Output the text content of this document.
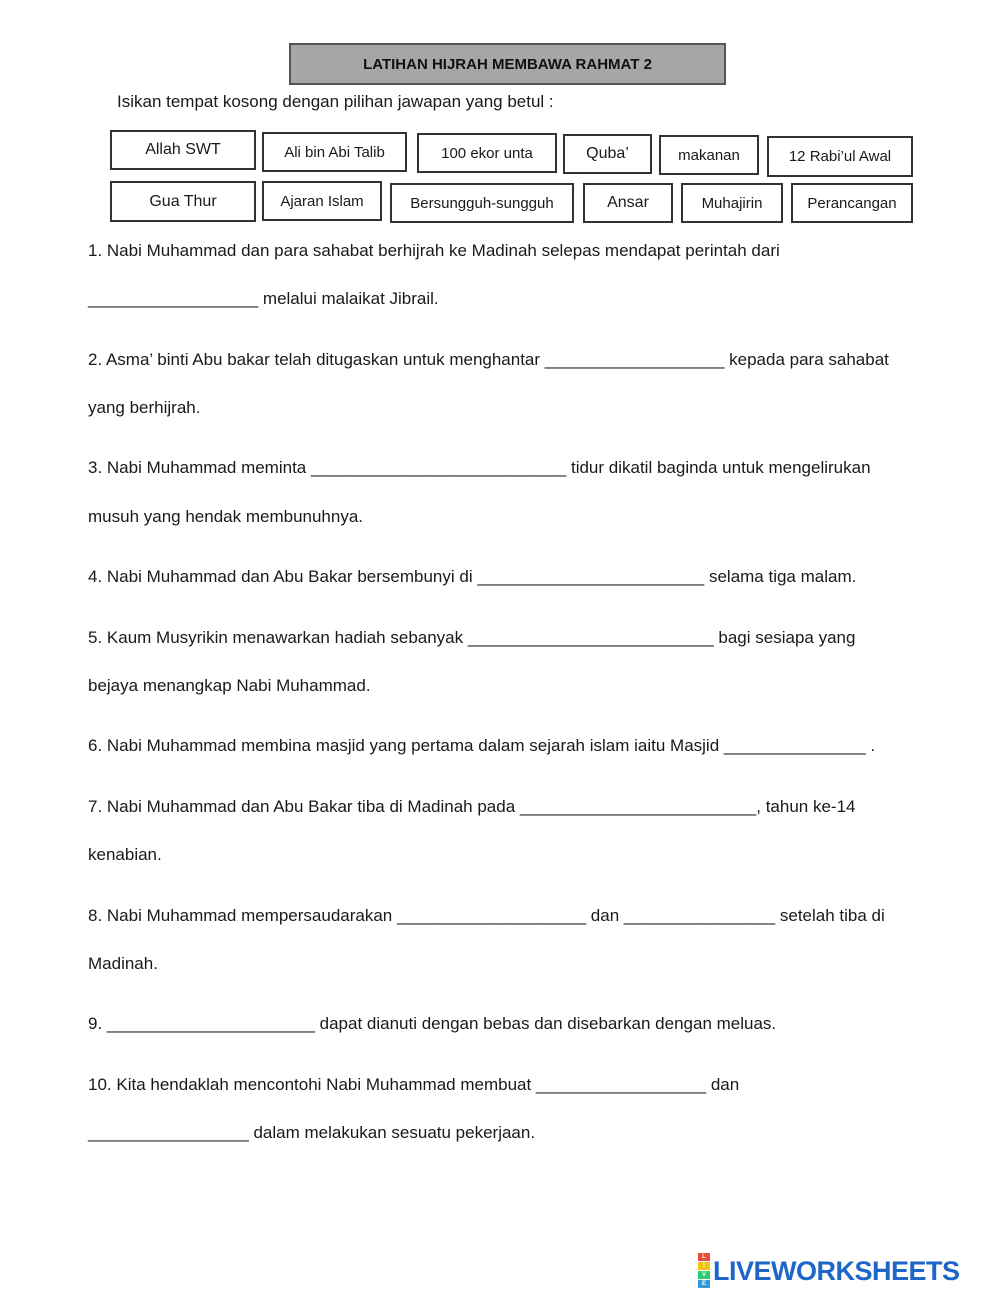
LATIHAN HIJRAH MEMBAWA RAHMAT 2
Isikan tempat kosong dengan pilihan jawapan yang betul :
Allah SWT	Ali bin Abi Talib	100 ekor unta	Quba’	makanan	12 Rabi’ul Awal
Gua Thur	Ajaran Islam	Bersungguh-sungguh	Ansar	Muhajirin	Perancangan
1. Nabi Muhammad dan para sahabat berhijrah ke Madinah selepas mendapat perintah dari
__________________ melalui malaikat Jibrail.
2. Asma’ binti Abu bakar telah ditugaskan untuk menghantar ___________________ kepada para sahabat
yang berhijrah.
3. Nabi Muhammad meminta ___________________________ tidur dikatil baginda untuk mengelirukan
musuh yang hendak membunuhnya.
4. Nabi Muhammad dan Abu Bakar bersembunyi di ________________________ selama tiga malam.
5. Kaum Musyrikin menawarkan hadiah sebanyak __________________________ bagi sesiapa yang
bejaya menangkap Nabi Muhammad.
6. Nabi Muhammad membina masjid yang pertama dalam sejarah islam iaitu Masjid _______________ .
7. Nabi Muhammad dan Abu Bakar tiba di Madinah pada _________________________, tahun ke-14
kenabian.
8. Nabi Muhammad mempersaudarakan ____________________ dan ________________ setelah tiba di
Madinah.
9. ______________________ dapat dianuti dengan bebas dan disebarkan dengan meluas.
10. Kita hendaklah mencontohi Nabi Muhammad membuat __________________ dan
_________________ dalam melakukan sesuatu pekerjaan.
L
I
V
E LIVEWORKSHEETS
